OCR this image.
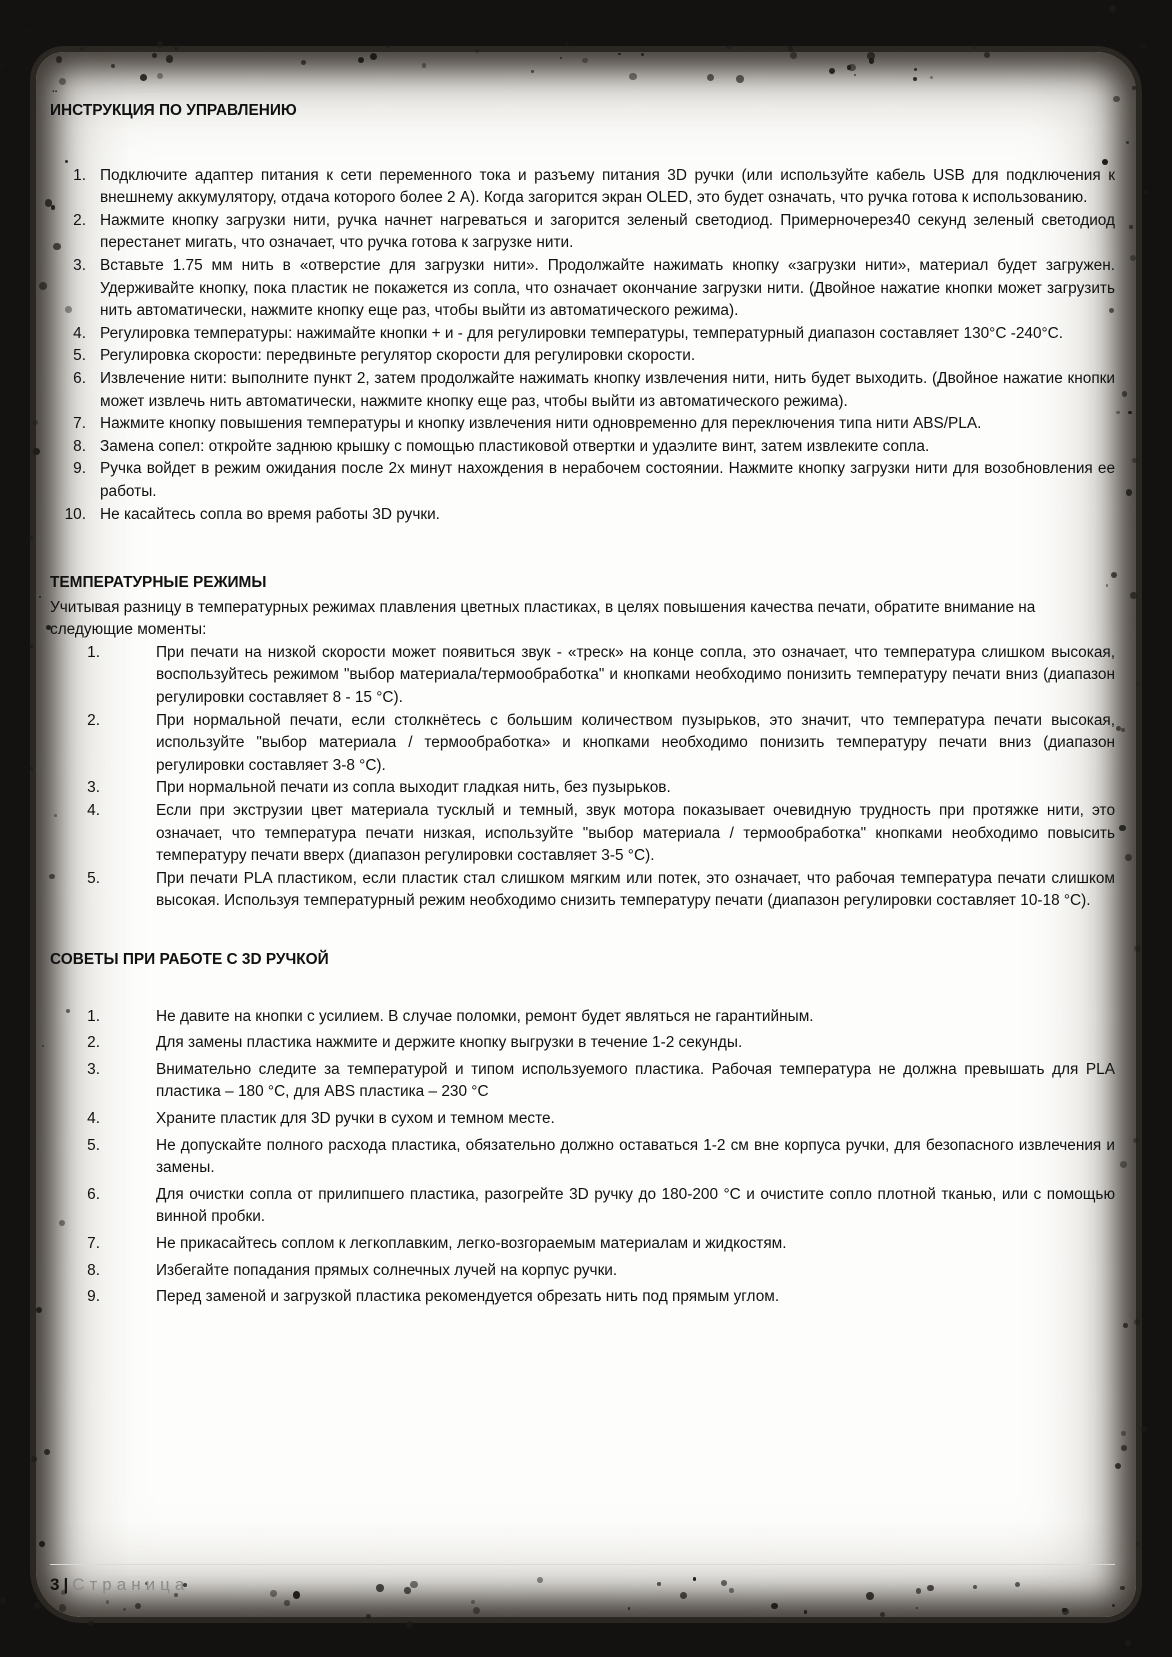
..
ИНСТРУКЦИЯ ПО УПРАВЛЕНИЮ
1. Подключите адаптер питания к сети переменного тока и разъему питания 3D ручки (или используйте кабель USB для подключения к внешнему аккумулятору, отдача которого более 2 А). Когда загорится экран OLED, это будет означать, что ручка готова к использованию.
2. Нажмите кнопку загрузки нити, ручка начнет нагреваться и загорится зеленый светодиод. Примерночерез40 секунд зеленый светодиод перестанет мигать, что означает, что ручка готова к загрузке нити.
3. Вставьте 1.75 мм нить в «отверстие для загрузки нити». Продолжайте нажимать кнопку «загрузки нити», материал будет загружен. Удерживайте кнопку, пока пластик не покажется из сопла, что означает окончание загрузки нити. (Двойное нажатие кнопки может загрузить нить автоматически, нажмите кнопку еще раз, чтобы выйти из автоматического режима).
4. Регулировка температуры: нажимайте кнопки + и - для регулировки температуры, температурный диапазон составляет 130°C -240°C.
5. Регулировка скорости: передвиньте регулятор скорости для регулировки скорости.
6. Извлечение нити: выполните пункт 2, затем продолжайте нажимать кнопку извлечения нити, нить будет выходить. (Двойное нажатие кнопки может извлечь нить автоматически, нажмите кнопку еще раз, чтобы выйти из автоматического режима).
7. Нажмите кнопку повышения температуры и кнопку извлечения нити одновременно для переключения типа нити ABS/PLA.
8. Замена сопел: откройте заднюю крышку с помощью пластиковой отвертки и удаэлите винт, затем извлеките сопла.
9. Ручка войдет в режим ожидания после 2х минут нахождения в нерабочем состоянии. Нажмите кнопку загрузки нити для возобновления ее работы.
10. Не касайтесь сопла во время работы 3D ручки.
ТЕМПЕРАТУРНЫЕ РЕЖИМЫ

Учитывая разницу в температурных режимах плавления цветных пластиках, в целях повышения качества печати, обратите внимание на следующие моменты:

1.	При печати на низкой скорости может появиться звук - «треск» на конце сопла, это означает, что температура слишком высокая, воспользуйтесь режимом "выбор материала/термообработка" и кнопками необходимо понизить температуру печати вниз (диапазон регулировки составляет 8 - 15 °C).
2.	При нормальной печати, если столкнётесь с большим количеством пузырьков, это значит, что температура печати высокая, используйте "выбор материала / термообработка» и кнопками необходимо понизить температуру печати вниз (диапазон регулировки составляет 3-8 °C).
3.	При нормальной печати из сопла выходит гладкая нить, без пузырьков.
4.	Если при экструзии цвет материала тусклый и темный, звук мотора показывает очевидную трудность при протяжке нити, это означает, что температура печати низкая, используйте "выбор материала / термообработка" кнопками необходимо повысить температуру печати вверх (диапазон регулировки составляет 3-5 °C).
5.	При печати PLA пластиком, если пластик стал слишком мягким или потек, это означает, что рабочая температура печати слишком высокая. Используя температурный режим необходимо снизить температуру печати (диапазон регулировки составляет 10-18 °C).
СОВЕТЫ ПРИ РАБОТЕ С 3D РУЧКОЙ
1.	Не давите на кнопки с усилием. В случае поломки, ремонт будет являться не гарантийным.
2.	Для замены пластика нажмите и держите кнопку выгрузки в течение 1-2 секунды.
3.	Внимательно следите за температурой и типом используемого пластика. Рабочая температура не должна превышать для PLA пластика – 180 °C, для ABS пластика – 230 °C
4.	Храните пластик для 3D ручки в сухом и темном месте.
5.	Не допускайте полного расхода пластика, обязательно должно оставаться 1-2 см вне корпуса ручки, для безопасного извлечения и замены.
6.	Для очистки сопла от прилипшего пластика, разогрейте 3D ручку до 180-200 °C и очистите сопло плотной тканью, или с помощью винной пробки.
7.	Не прикасайтесь соплом к легкоплавким, легко-возгораемым материалам и жидкостям.
8.	Избегайте попадания прямых солнечных лучей на корпус ручки.
9.	Перед заменой и загрузкой пластика рекомендуется обрезать нить под прямым углом.
3 | Страница
